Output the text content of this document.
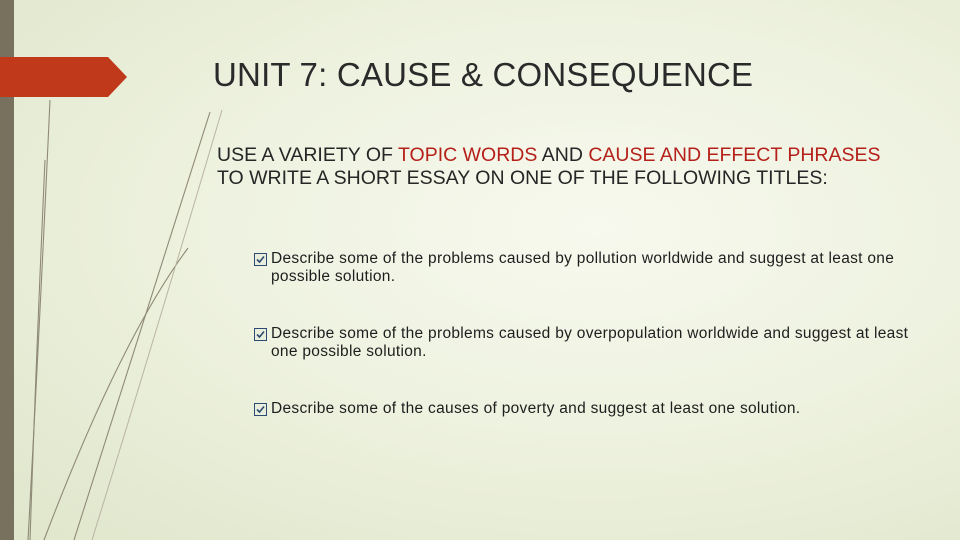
UNIT 7: CAUSE & CONSEQUENCE
USE A VARIETY OF TOPIC WORDS AND CAUSE AND EFFECT PHRASES TO WRITE A SHORT ESSAY ON ONE OF THE FOLLOWING TITLES:
Describe some of the problems caused by pollution worldwide and suggest at least one possible solution.
Describe some of the problems caused by overpopulation worldwide and suggest at least one possible solution.
Describe some of the causes of poverty and suggest at least one solution.
